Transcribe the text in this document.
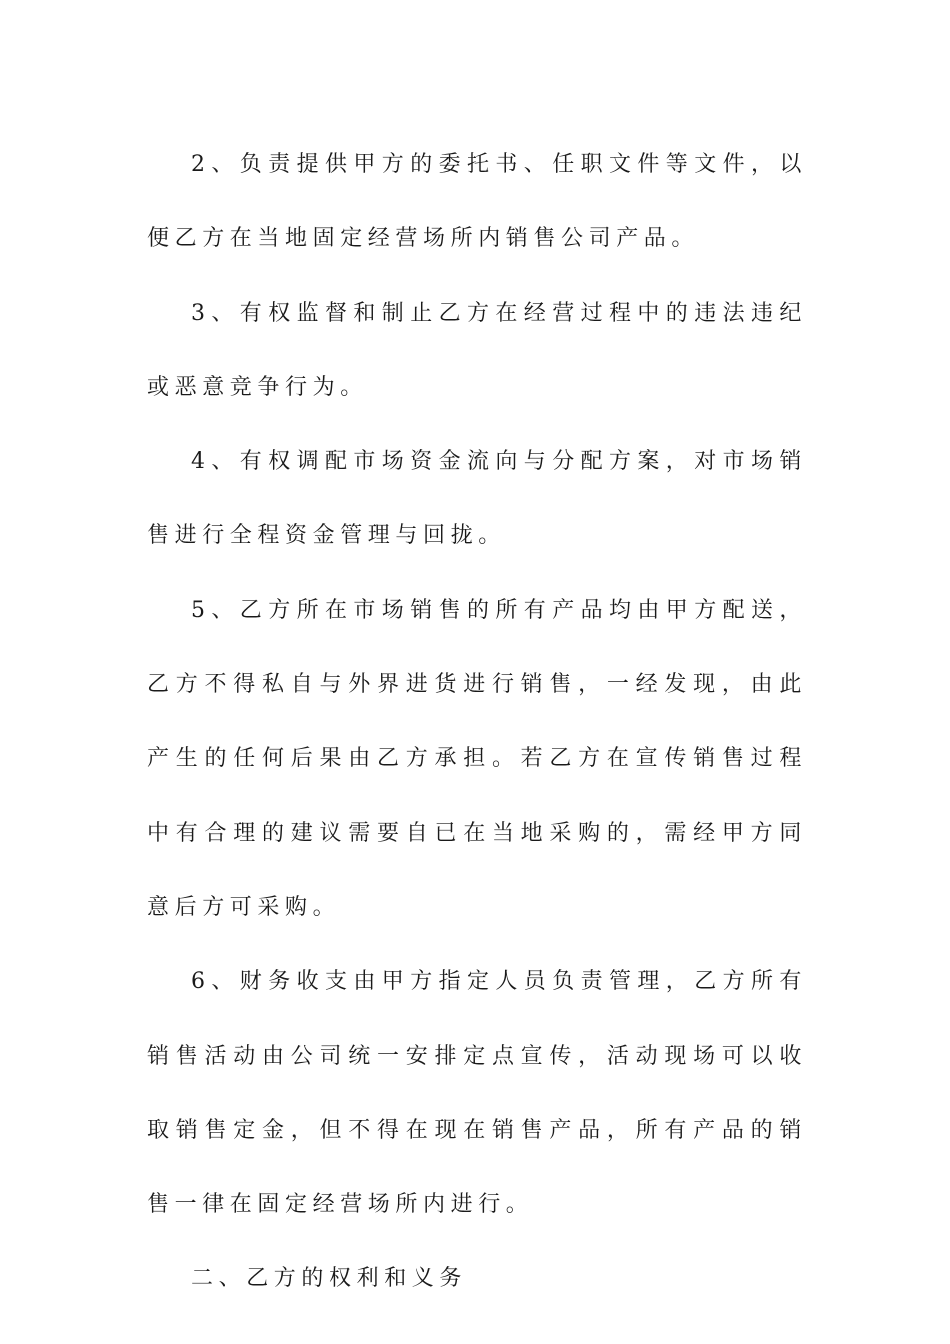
2、负责提供甲方的委托书、任职文件等文件，以便乙方在当地固定经营场所内销售公司产品。

3、有权监督和制止乙方在经营过程中的违法违纪或恶意竞争行为。

4、有权调配市场资金流向与分配方案，对市场销售进行全程资金管理与回拢。

5、乙方所在市场销售的所有产品均由甲方配送，乙方不得私自与外界进货进行销售，一经发现，由此产生的任何后果由乙方承担。若乙方在宣传销售过程中有合理的建议需要自已在当地采购的，需经甲方同意后方可采购。

6、财务收支由甲方指定人员负责管理，乙方所有销售活动由公司统一安排定点宣传，活动现场可以收取销售定金，但不得在现在销售产品，所有产品的销售一律在固定经营场所内进行。

二、乙方的权利和义务
